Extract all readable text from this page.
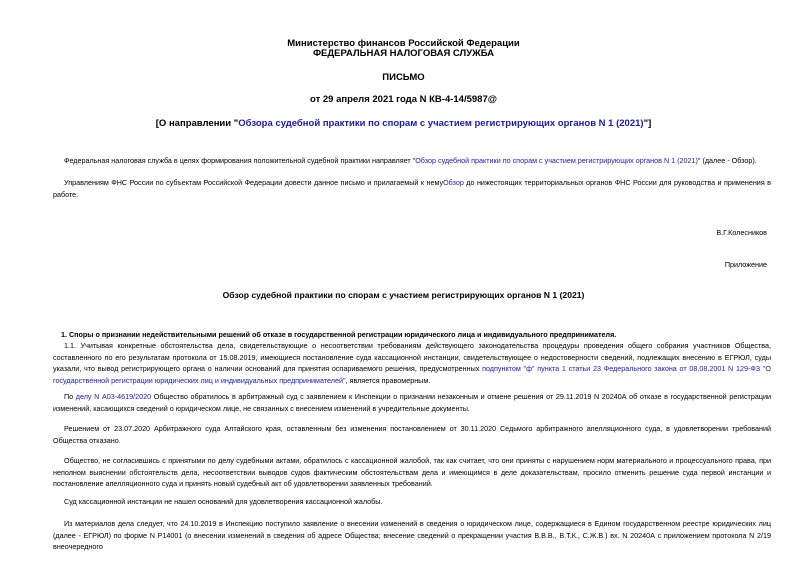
Министерство финансов Российской Федерации
ФЕДЕРАЛЬНАЯ НАЛОГОВАЯ СЛУЖБА
ПИСЬМО
от 29 апреля 2021 года N КВ-4-14/5987@
[О направлении "Обзора судебной практики по спорам с участием регистрирующих органов N 1 (2021)"]
Федеральная налоговая служба в целях формирования положительной судебной практики направляет "Обзор судебной практики по спорам с участием регистрирующих органов N 1 (2021)" (далее - Обзор).
Управлениям ФНС России по субъектам Российской Федерации довести данное письмо и прилагаемый к немуОбзор до нижестоящих территориальных органов ФНС России для руководства и применения в работе.
В.Г.Колесников
Приложение
Обзор судебной практики по спорам с участием регистрирующих органов N 1 (2021)
1. Споры о признании недействительными решений об отказе в государственной регистрации юридического лица и индивидуального предпринимателя.
1.1. Учитывая конкретные обстоятельства дела, свидетельствующие о несоответствии требованиям действующего законодательства процедуры проведения общего собрания участников Общества, составленного по его результатам протокола от 15.08.2019, имеющиеся постановление суда кассационной инстанции, свидетельствующее о недостоверности сведений, подлежащих внесению в ЕГРЮЛ, суды указали, что вывод регистрирующего органа о наличии оснований для принятия оспариваемого решения, предусмотренных подпунктом "ф" пункта 1 статьи 23 Федерального закона от 08.08.2001 N 129-ФЗ "О государственной регистрации юридических лиц и индивидуальных предпринимателей", является правомерным.
По делу N А03-4619/2020 Общество обратилось в арбитражный суд с заявлением к Инспекции о признании незаконным и отмене решения от 29.11.2019 N 20240А об отказе в государственной регистрации изменений, касающихся сведений о юридическом лице, не связанных с внесением изменений в учредительные документы.
Решением от 23.07.2020 Арбитражного суда Алтайского края, оставленным без изменения постановлением от 30.11.2020 Седьмого арбитражного апелляционного суда, в удовлетворении требований Общества отказано.
Общество, не согласившись с принятыми по делу судебными актами, обратилось с кассационной жалобой, так как считает, что они приняты с нарушением норм материального и процессуального права, при неполном выяснении обстоятельств дела, несоответствии выводов судов фактическим обстоятельствам дела и имеющимся в деле доказательствам, просило отменить решение суда первой инстанции и постановление апелляционного суда и принять новый судебный акт об удовлетворении заявленных требований.
Суд кассационной инстанции не нашел оснований для удовлетворения кассационной жалобы.
Из материалов дела следует, что 24.10.2019 в Инспекцию поступило заявление о внесении изменений в сведения о юридическом лице, содержащиеся в Едином государственном реестре юридических лиц (далее - ЕГРЮЛ) по форме N Р14001 (о внесении изменений в сведения об адресе Общества; внесение сведений о прекращении участия В.В.В., В.Т.К., С.Ж.В.) вх. N 20240А с приложением протокола N 2/19 внеочередного
